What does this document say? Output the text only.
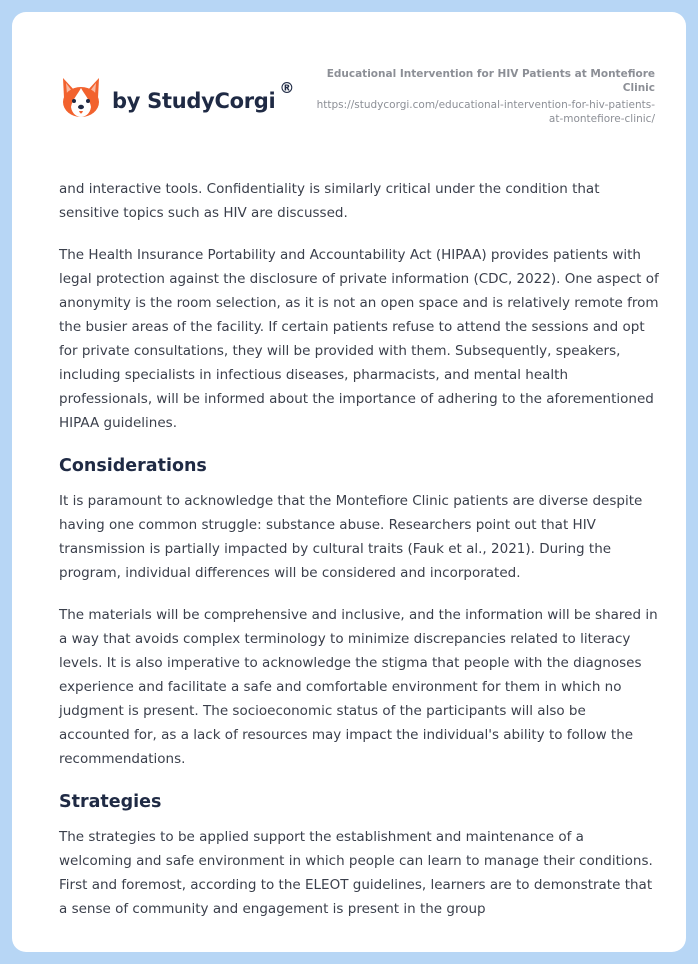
by StudyCorgi
®
Educational Intervention for HIV Patients at Montefiore Clinic
https://studycorgi.com/educational-intervention-for-hiv-patients-at-montefiore-clinic/

and interactive tools. Confidentiality is similarly critical under the condition that sensitive topics such as HIV are discussed.

The Health Insurance Portability and Accountability Act (HIPAA) provides patients with legal protection against the disclosure of private information (CDC, 2022). One aspect of anonymity is the room selection, as it is not an open space and is relatively remote from the busier areas of the facility. If certain patients refuse to attend the sessions and opt for private consultations, they will be provided with them. Subsequently, speakers, including specialists in infectious diseases, pharmacists, and mental health professionals, will be informed about the importance of adhering to the aforementioned HIPAA guidelines.

Considerations

It is paramount to acknowledge that the Montefiore Clinic patients are diverse despite having one common struggle: substance abuse. Researchers point out that HIV transmission is partially impacted by cultural traits (Fauk et al., 2021). During the program, individual differences will be considered and incorporated.

The materials will be comprehensive and inclusive, and the information will be shared in a way that avoids complex terminology to minimize discrepancies related to literacy levels. It is also imperative to acknowledge the stigma that people with the diagnoses experience and facilitate a safe and comfortable environment for them in which no judgment is present. The socioeconomic status of the participants will also be accounted for, as a lack of resources may impact the individual's ability to follow the recommendations.

Strategies

The strategies to be applied support the establishment and maintenance of a welcoming and safe environment in which people can learn to manage their conditions. First and foremost, according to the ELEOT guidelines, learners are to demonstrate that a sense of community and engagement is present in the group
